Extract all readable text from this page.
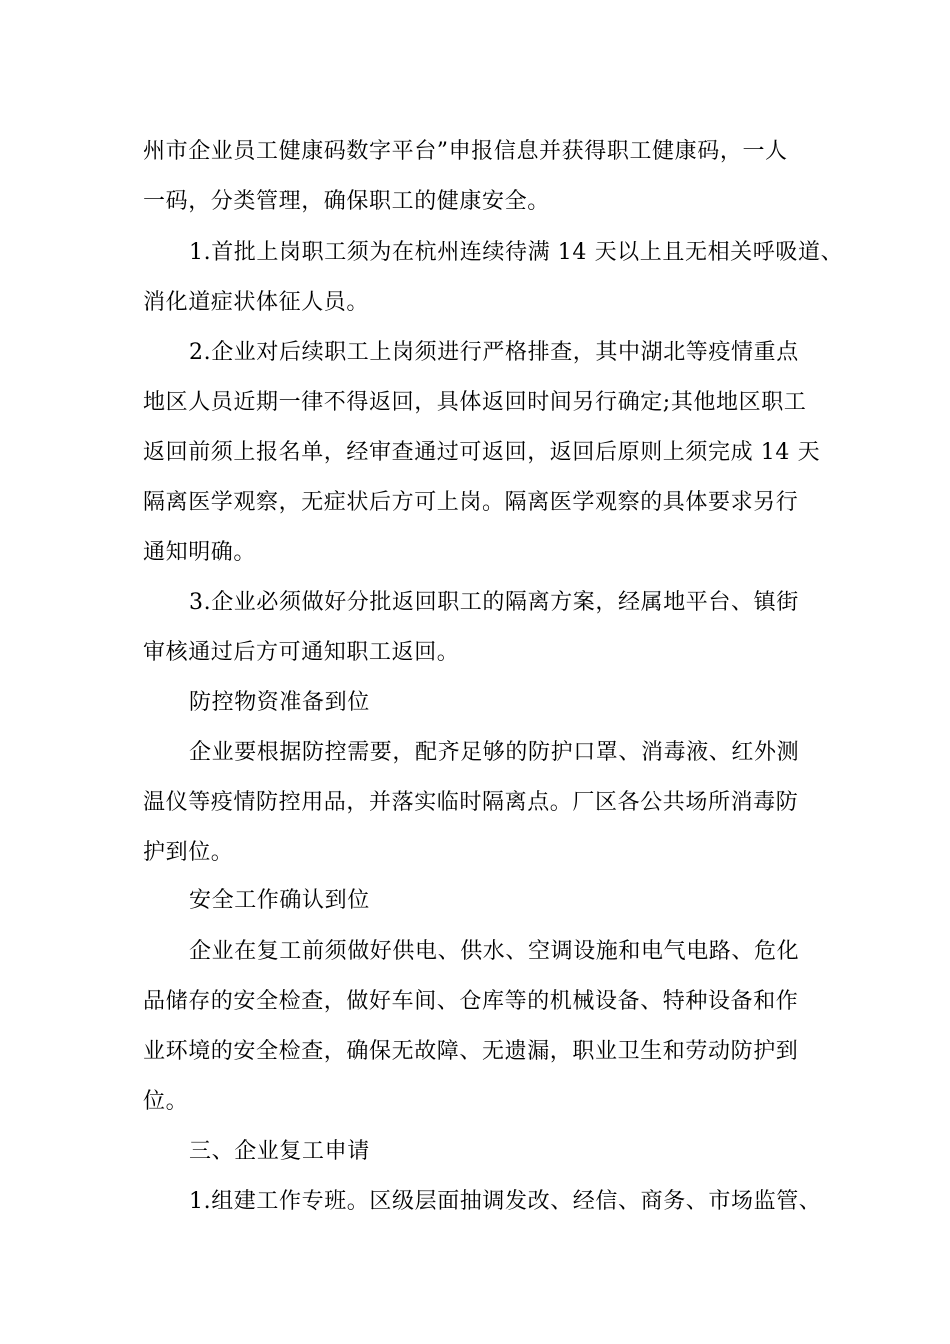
州市企业员工健康码数字平台”申报信息并获得职工健康码，一人
一码，分类管理，确保职工的健康安全。
1.首批上岗职工须为在杭州连续待满 14 天以上且无相关呼吸道、
消化道症状体征人员。
2.企业对后续职工上岗须进行严格排查，其中湖北等疫情重点
地区人员近期一律不得返回，具体返回时间另行确定;其他地区职工
返回前须上报名单，经审查通过可返回，返回后原则上须完成 14 天
隔离医学观察，无症状后方可上岗。隔离医学观察的具体要求另行
通知明确。
3.企业必须做好分批返回职工的隔离方案，经属地平台、镇街
审核通过后方可通知职工返回。
防控物资准备到位
企业要根据防控需要，配齐足够的防护口罩、消毒液、红外测
温仪等疫情防控用品，并落实临时隔离点。厂区各公共场所消毒防
护到位。
安全工作确认到位
企业在复工前须做好供电、供水、空调设施和电气电路、危化
品储存的安全检查，做好车间、仓库等的机械设备、特种设备和作
业环境的安全检查，确保无故障、无遗漏，职业卫生和劳动防护到
位。
三、企业复工申请
1.组建工作专班。区级层面抽调发改、经信、商务、市场监管、
